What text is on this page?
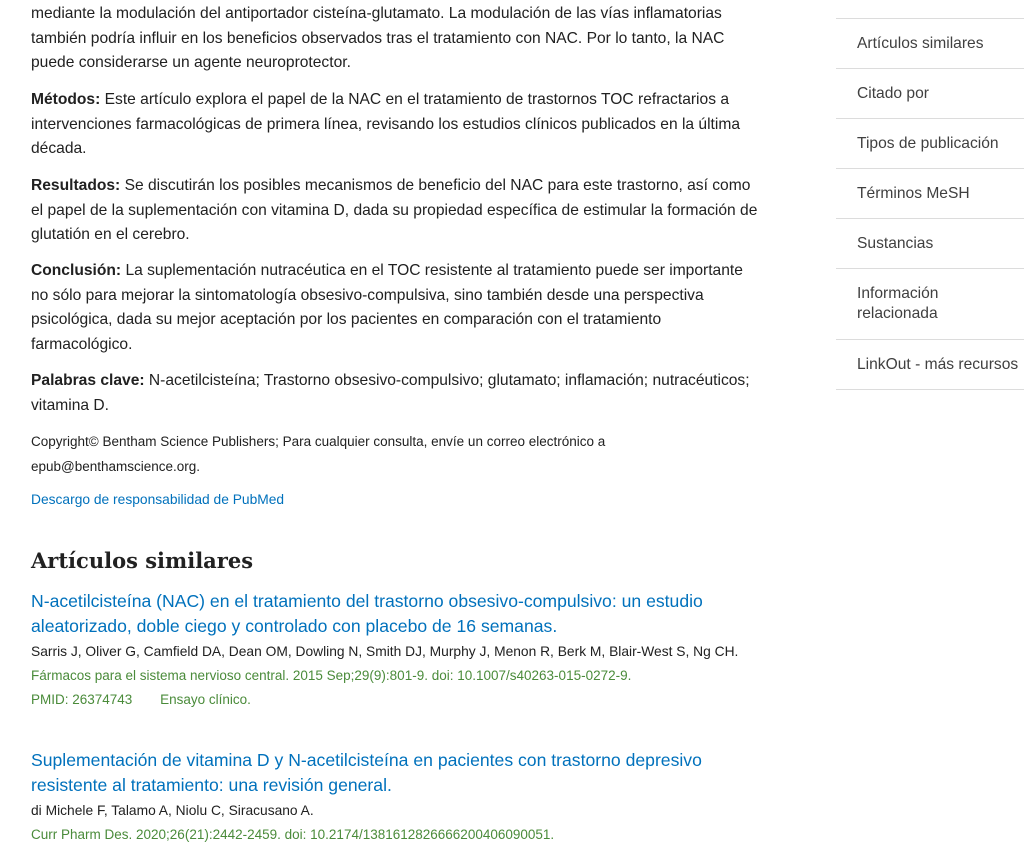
mediante la modulación del antiportador cisteína-glutamato. La modulación de las vías inflamatorias también podría influir en los beneficios observados tras el tratamiento con NAC. Por lo tanto, la NAC puede considerarse un agente neuroprotector.

Métodos: Este artículo explora el papel de la NAC en el tratamiento de trastornos TOC refractarios a intervenciones farmacológicas de primera línea, revisando los estudios clínicos publicados en la última década.

Resultados: Se discutirán los posibles mecanismos de beneficio del NAC para este trastorno, así como el papel de la suplementación con vitamina D, dada su propiedad específica de estimular la formación de glutatión en el cerebro.

Conclusión: La suplementación nutracéutica en el TOC resistente al tratamiento puede ser importante no sólo para mejorar la sintomatología obsesivo-compulsiva, sino también desde una perspectiva psicológica, dada su mejor aceptación por los pacientes en comparación con el tratamiento farmacológico.

Palabras clave: N-acetilcisteína; Trastorno obsesivo-compulsivo; glutamato; inflamación; nutracéuticos; vitamina D.

Copyright© Bentham Science Publishers; Para cualquier consulta, envíe un correo electrónico a epub@benthamscience.org.
Descargo de responsabilidad de PubMed
Artículos similares
N-acetilcisteína (NAC) en el tratamiento del trastorno obsesivo-compulsivo: un estudio aleatorizado, doble ciego y controlado con placebo de 16 semanas.
Sarris J, Oliver G, Camfield DA, Dean OM, Dowling N, Smith DJ, Murphy J, Menon R, Berk M, Blair-West S, Ng CH.
Fármacos para el sistema nervioso central. 2015 Sep;29(9):801-9. doi: 10.1007/s40263-015-0272-9.
PMID: 26374743 Ensayo clínico.
Suplementación de vitamina D y N-acetilcisteína en pacientes con trastorno depresivo resistente al tratamiento: una revisión general.
di Michele F, Talamo A, Niolu C, Siracusano A.
Curr Pharm Des. 2020;26(21):2442-2459. doi: 10.2174/1381612826666200406090051.
Artículos similares
Citado por
Tipos de publicación
Términos MeSH
Sustancias
Información relacionada
LinkOut - más recursos
